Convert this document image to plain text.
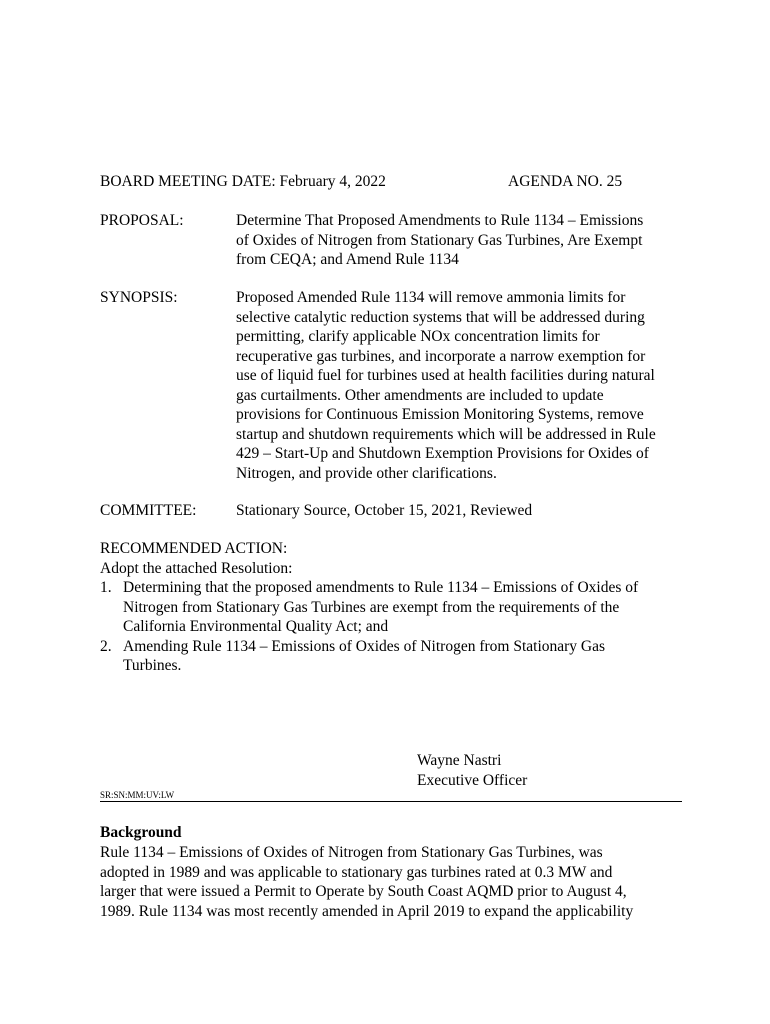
BOARD MEETING DATE: February 4, 2022	AGENDA NO. 25
PROPOSAL:	Determine That Proposed Amendments to Rule 1134 – Emissions
of Oxides of Nitrogen from Stationary Gas Turbines, Are Exempt
from CEQA; and Amend Rule 1134
SYNOPSIS:	Proposed Amended Rule 1134 will remove ammonia limits for
selective catalytic reduction systems that will be addressed during
permitting, clarify applicable NOx concentration limits for
recuperative gas turbines, and incorporate a narrow exemption for
use of liquid fuel for turbines used at health facilities during natural
gas curtailments. Other amendments are included to update
provisions for Continuous Emission Monitoring Systems, remove
startup and shutdown requirements which will be addressed in Rule
429 – Start-Up and Shutdown Exemption Provisions for Oxides of
Nitrogen, and provide other clarifications.
COMMITTEE:	Stationary Source, October 15, 2021, Reviewed
RECOMMENDED ACTION:
Adopt the attached Resolution:
1. Determining that the proposed amendments to Rule 1134 – Emissions of Oxides of
Nitrogen from Stationary Gas Turbines are exempt from the requirements of the
California Environmental Quality Act; and
2. Amending Rule 1134 – Emissions of Oxides of Nitrogen from Stationary Gas
Turbines.
Wayne Nastri
Executive Officer
SR:SN:MM:UV:LW
Background
Rule 1134 – Emissions of Oxides of Nitrogen from Stationary Gas Turbines, was
adopted in 1989 and was applicable to stationary gas turbines rated at 0.3 MW and
larger that were issued a Permit to Operate by South Coast AQMD prior to August 4,
1989. Rule 1134 was most recently amended in April 2019 to expand the applicability
